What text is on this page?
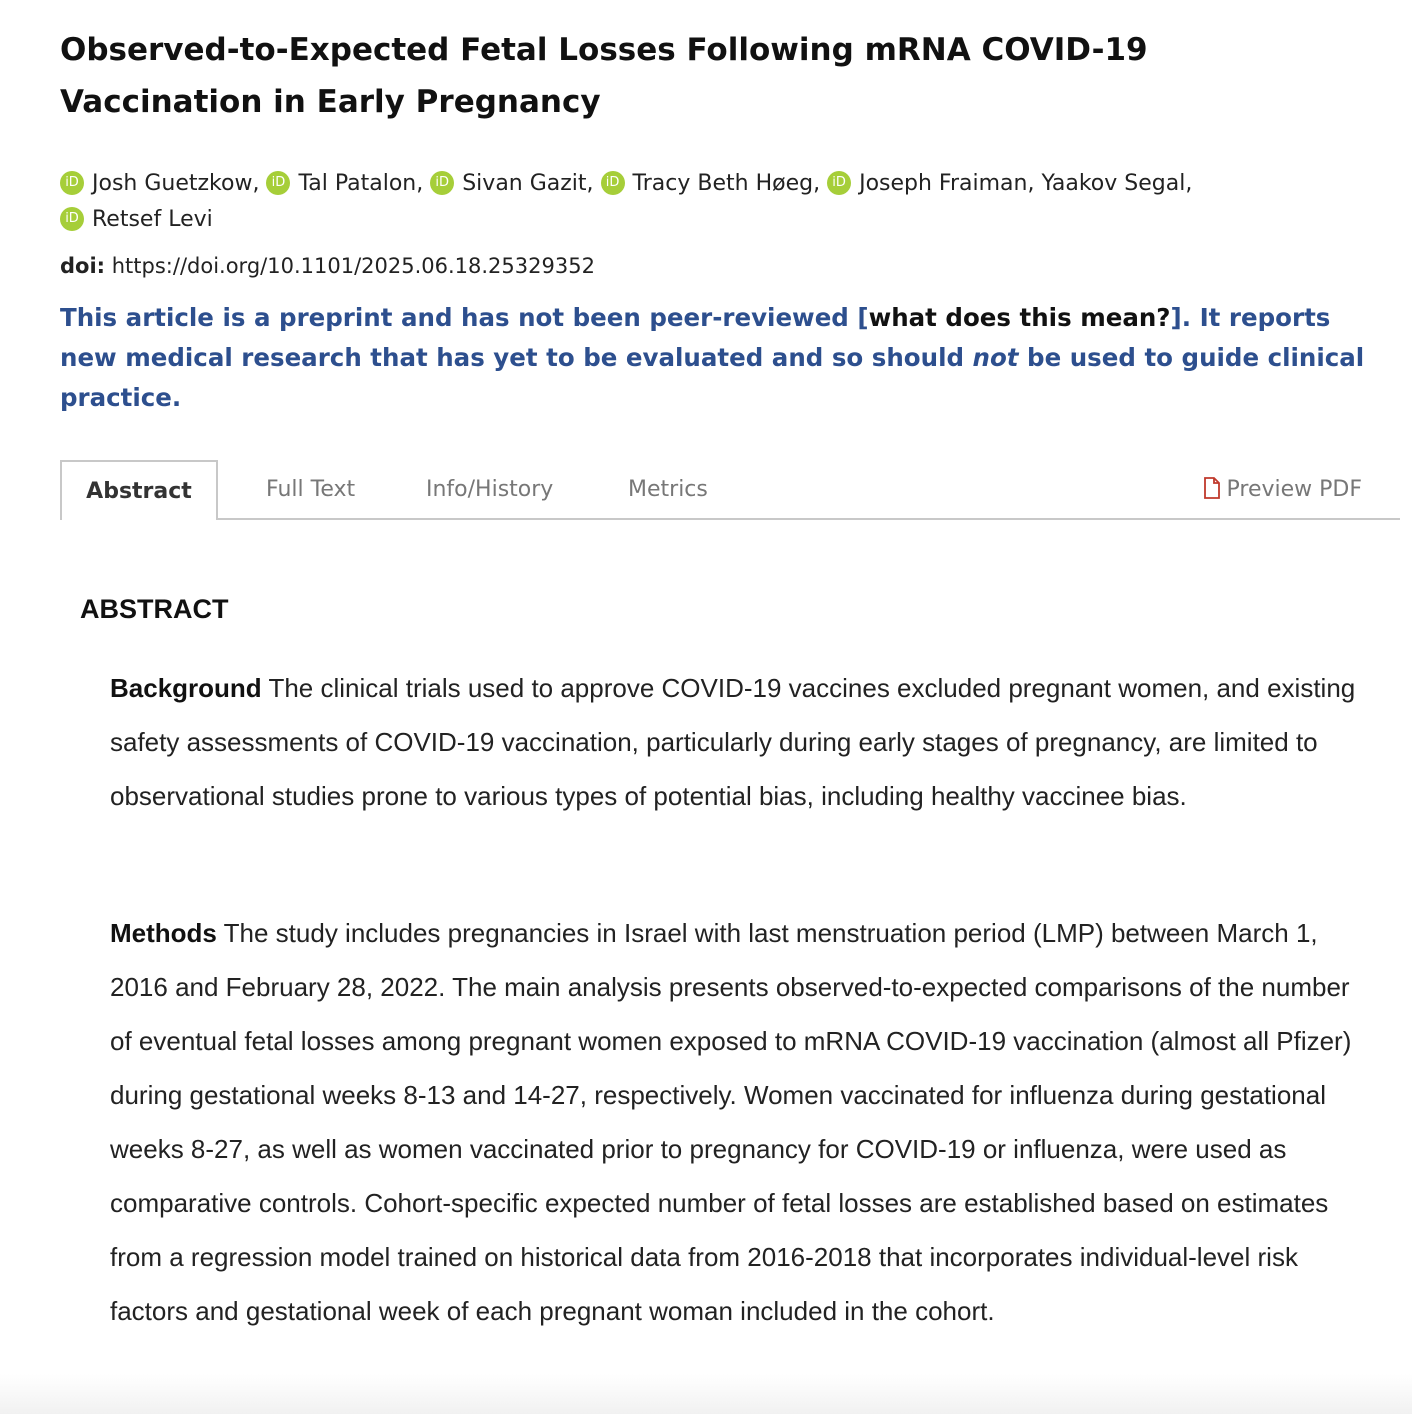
Observed-to-Expected Fetal Losses Following mRNA COVID-19 Vaccination in Early Pregnancy
iD Josh Guetzkow, iD Tal Patalon, iD Sivan Gazit, iD Tracy Beth Høeg, iD Joseph Fraiman, Yaakov Segal,
iD Retsef Levi
doi: https://doi.org/10.1101/2025.06.18.25329352
This article is a preprint and has not been peer-reviewed [what does this mean?]. It reports new medical research that has yet to be evaluated and so should not be used to guide clinical practice.
Abstract	Full Text	Info/History	Metrics	Preview PDF
ABSTRACT

Background The clinical trials used to approve COVID-19 vaccines excluded pregnant women, and existing safety assessments of COVID-19 vaccination, particularly during early stages of pregnancy, are limited to observational studies prone to various types of potential bias, including healthy vaccinee bias.

Methods The study includes pregnancies in Israel with last menstruation period (LMP) between March 1, 2016 and February 28, 2022. The main analysis presents observed-to-expected comparisons of the number of eventual fetal losses among pregnant women exposed to mRNA COVID-19 vaccination (almost all Pfizer) during gestational weeks 8-13 and 14-27, respectively. Women vaccinated for influenza during gestational weeks 8-27, as well as women vaccinated prior to pregnancy for COVID-19 or influenza, were used as comparative controls. Cohort-specific expected number of fetal losses are established based on estimates from a regression model trained on historical data from 2016-2018 that incorporates individual-level risk factors and gestational week of each pregnant woman included in the cohort.
